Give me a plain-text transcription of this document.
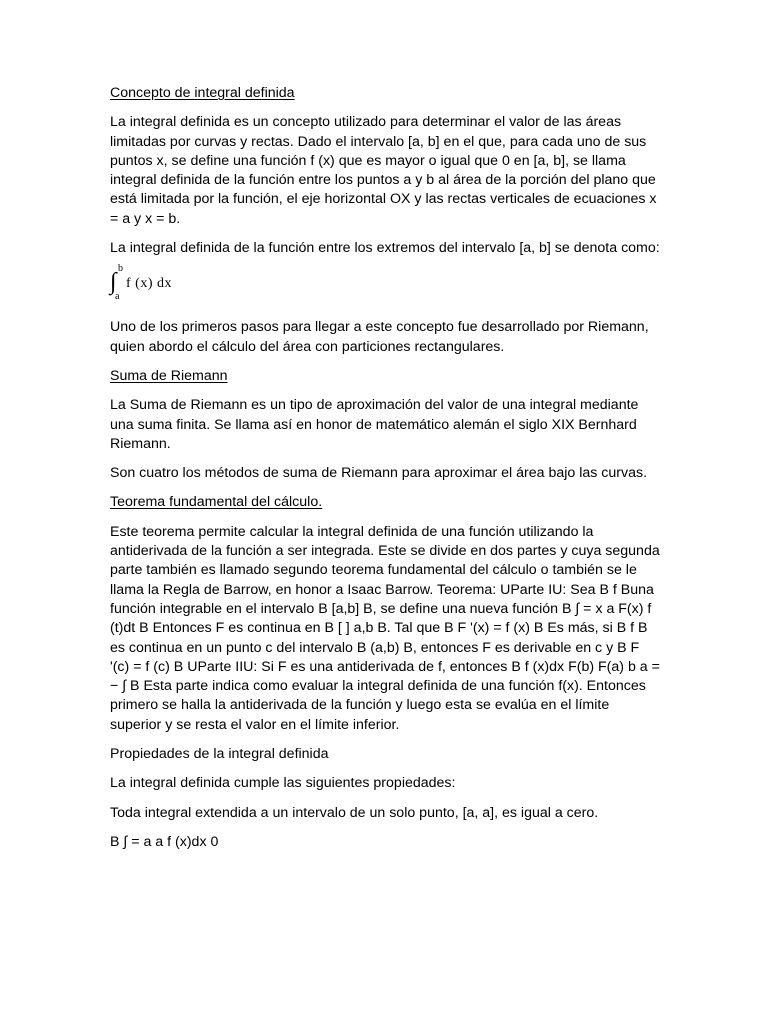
Concepto de integral definida

La integral definida es un concepto utilizado para determinar el valor de las áreas limitadas por curvas y rectas. Dado el intervalo [a, b] en el que, para cada uno de sus puntos x, se define una función f (x) que es mayor o igual que 0 en [a, b], se llama integral definida de la función entre los puntos a y b al área de la porción del plano que está limitada por la función, el eje horizontal OX y las rectas verticales de ecuaciones x = a y x = b.

La integral definida de la función entre los extremos del intervalo [a, b] se denota como:

∫
b
a
f (x) dx

Uno de los primeros pasos para llegar a este concepto fue desarrollado por Riemann, quien abordo el cálculo del área con particiones rectangulares.

Suma de Riemann

La Suma de Riemann es un tipo de aproximación del valor de una integral mediante una suma finita. Se llama así en honor de matemático alemán el siglo XIX Bernhard Riemann.

Son cuatro los métodos de suma de Riemann para aproximar el área bajo las curvas.

Teorema fundamental del cálculo.

Este teorema permite calcular la integral definida de una función utilizando la antiderivada de la función a ser integrada. Este se divide en dos partes y cuya segunda parte también es llamado segundo teorema fundamental del cálculo o también se le llama la Regla de Barrow, en honor a Isaac Barrow. Teorema: UParte IU: Sea B f Buna función integrable en el intervalo B [a,b] B, se define una nueva función B ∫ = x a F(x) f (t)dt B Entonces F es continua en B [ ] a,b B. Tal que B F '(x) = f (x) B Es más, si B f B es continua en un punto c del intervalo B (a,b) B, entonces F es derivable en c y B F '(c) = f (c) B UParte IIU: Si F es una antiderivada de f, entonces B f (x)dx F(b) F(a) b a = − ∫ B Esta parte indica como evaluar la integral definida de una función f(x). Entonces primero se halla la antiderivada de la función y luego esta se evalúa en el límite superior y se resta el valor en el límite inferior.

Propiedades de la integral definida

La integral definida cumple las siguientes propiedades:

Toda integral extendida a un intervalo de un solo punto, [a, a], es igual a cero.

B ∫ = a a f (x)dx 0
